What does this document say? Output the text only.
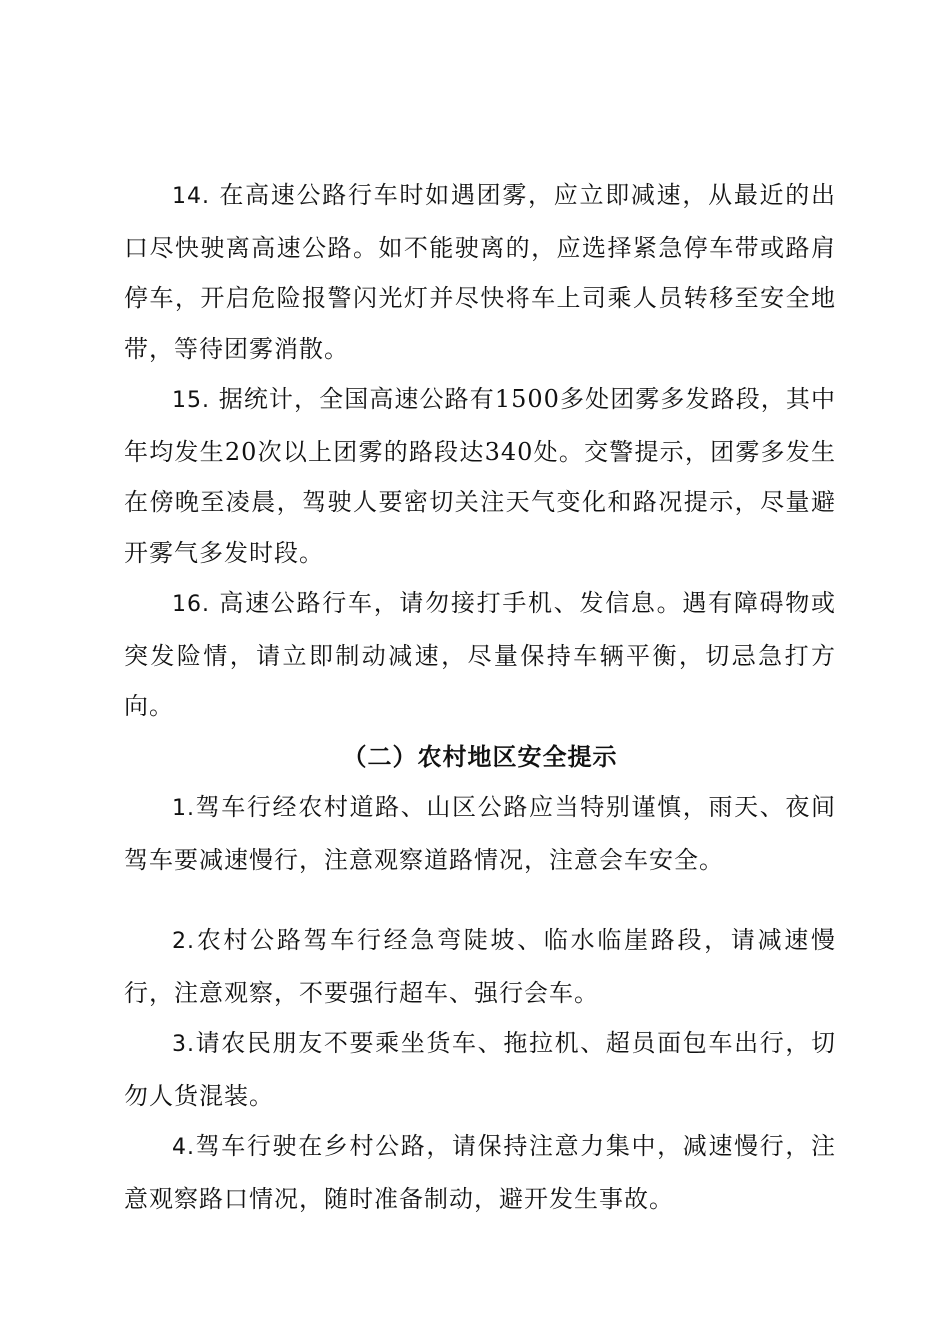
14. 在高速公路行车时如遇团雾，应立即减速，从最近的出口尽快驶离高速公路。如不能驶离的，应选择紧急停车带或路肩停车，开启危险报警闪光灯并尽快将车上司乘人员转移至安全地带，等待团雾消散。

15. 据统计，全国高速公路有1500多处团雾多发路段，其中年均发生20次以上团雾的路段达340处。交警提示，团雾多发生在傍晚至凌晨，驾驶人要密切关注天气变化和路况提示，尽量避开雾气多发时段。

16. 高速公路行车，请勿接打手机、发信息。遇有障碍物或突发险情，请立即制动减速，尽量保持车辆平衡，切忌急打方向。

（二）农村地区安全提示

1.驾车行经农村道路、山区公路应当特别谨慎，雨天、夜间驾车要减速慢行，注意观察道路情况，注意会车安全。

2.农村公路驾车行经急弯陡坡、临水临崖路段，请减速慢行，注意观察，不要强行超车、强行会车。

3.请农民朋友不要乘坐货车、拖拉机、超员面包车出行，切勿人货混装。

4.驾车行驶在乡村公路，请保持注意力集中，减速慢行，注意观察路口情况，随时准备制动，避开发生事故。
